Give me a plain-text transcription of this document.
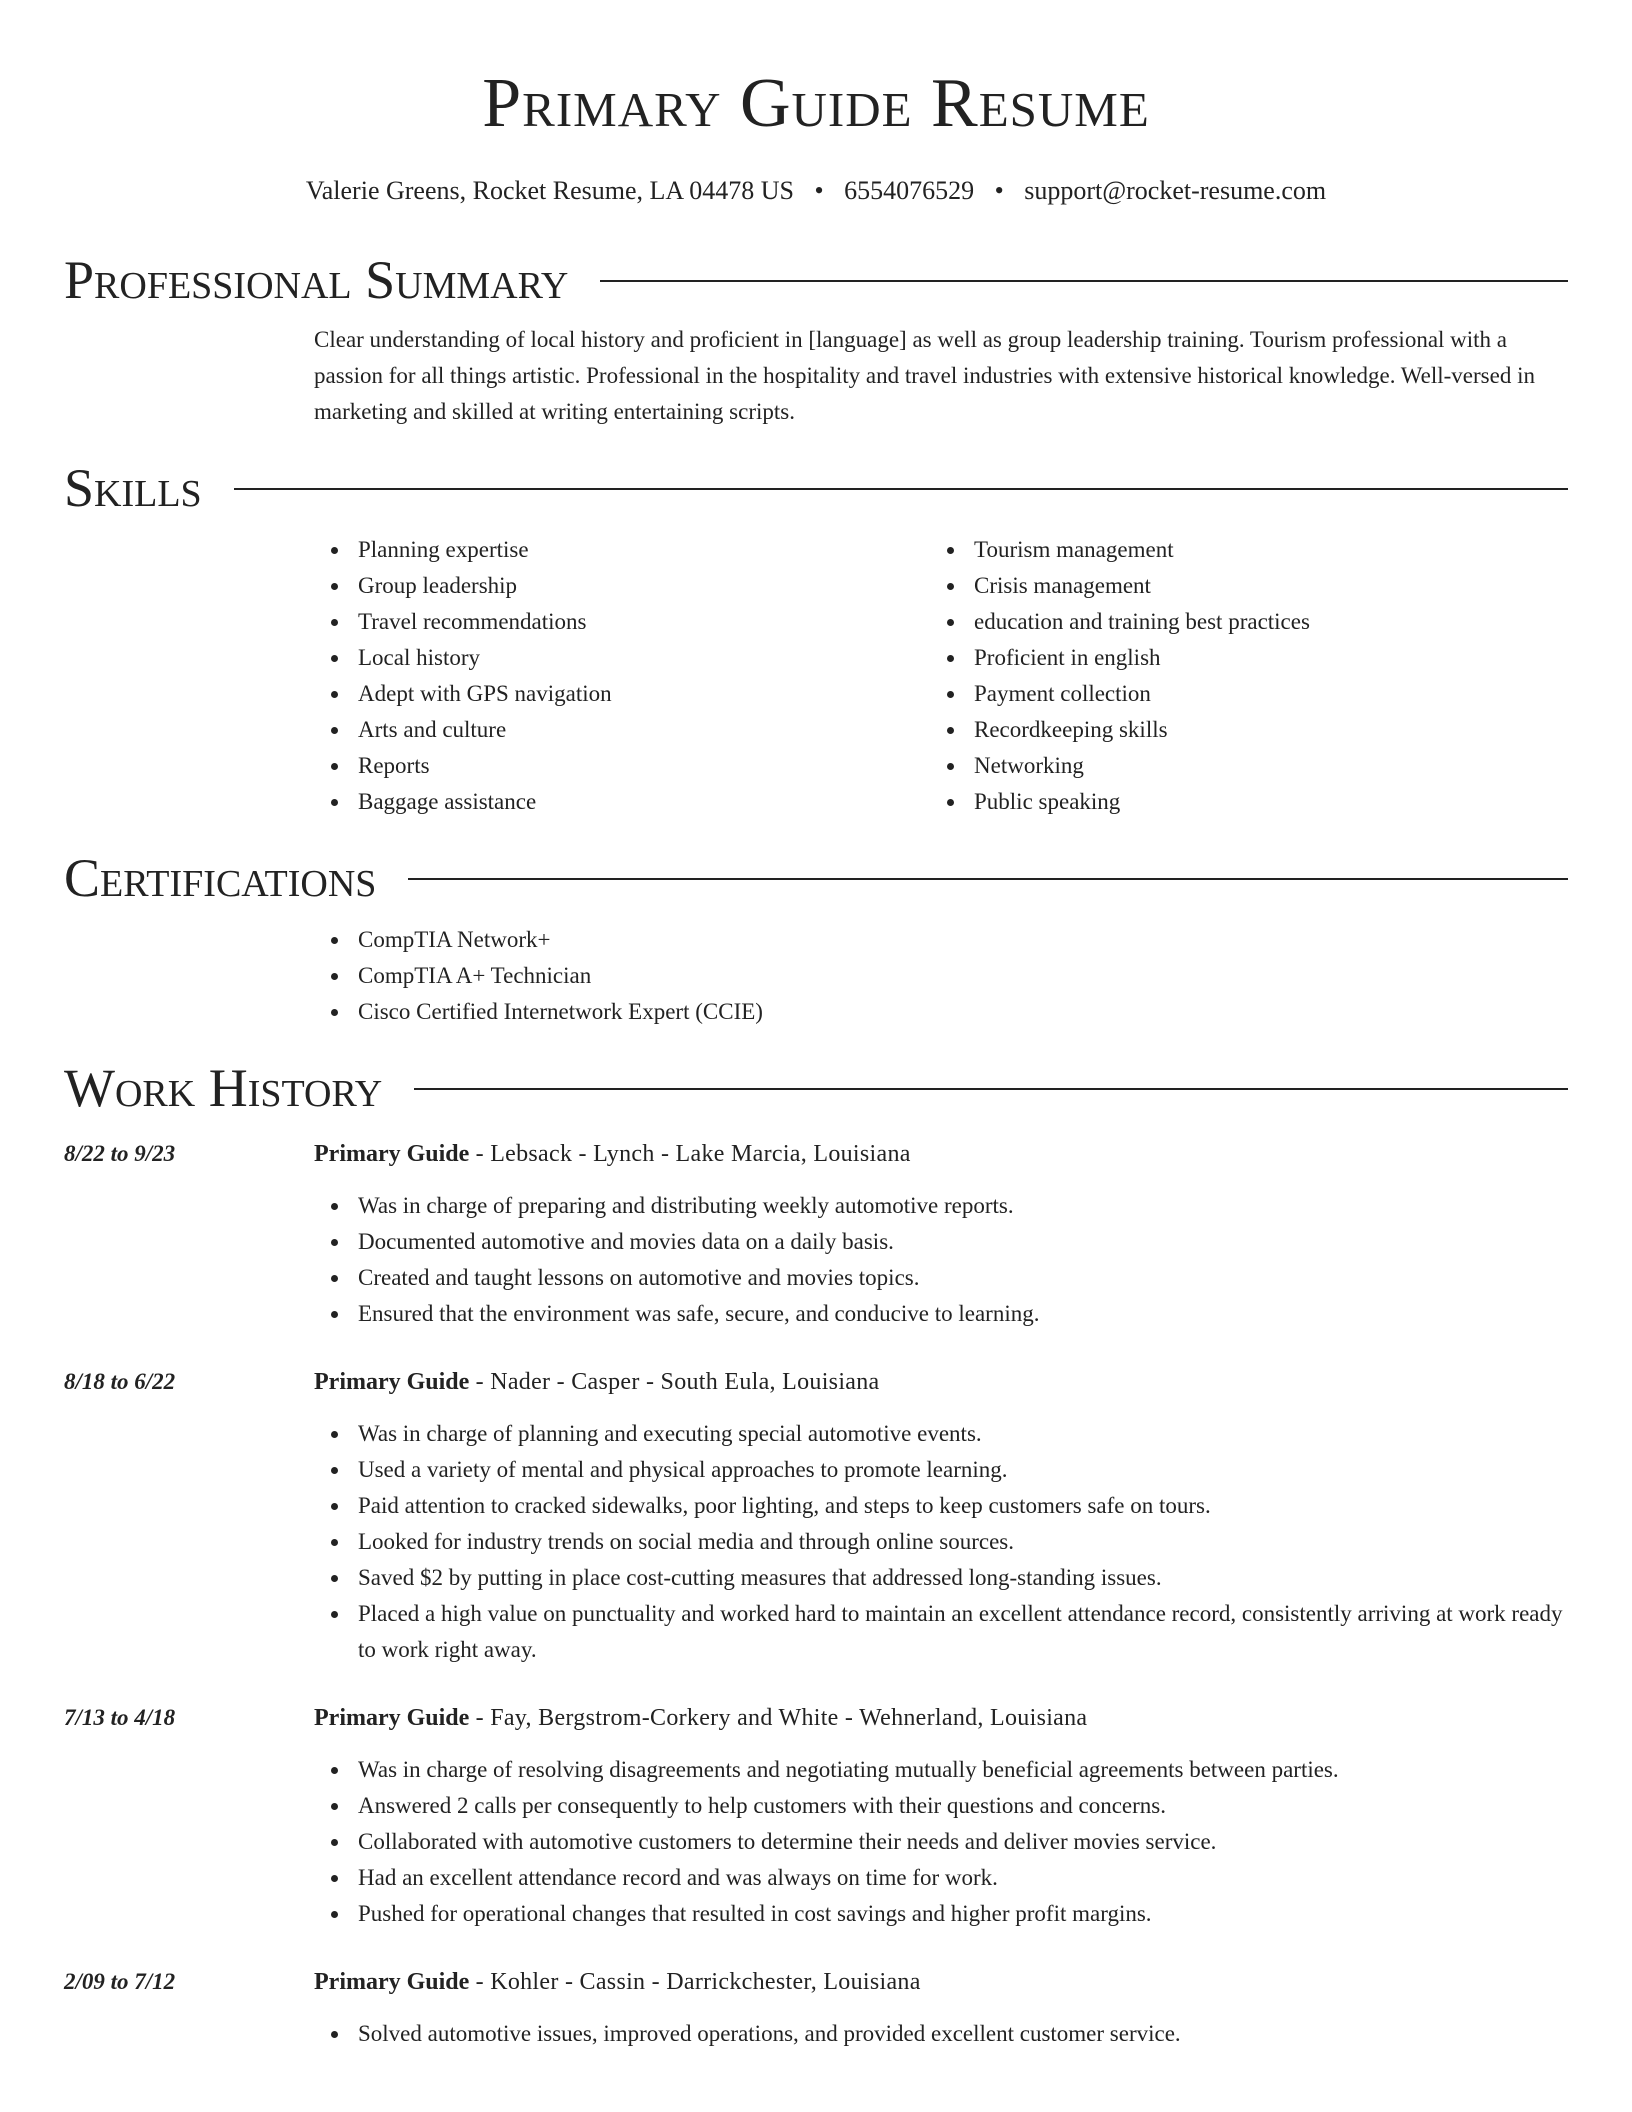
Primary Guide Resume
Valerie Greens, Rocket Resume, LA 04478 US • 6554076529 • support@rocket-resume.com
Professional Summary

Clear understanding of local history and proficient in [language] as well as group leadership training. Tourism professional with a passion for all things artistic. Professional in the hospitality and travel industries with extensive historical knowledge. Well-versed in marketing and skilled at writing entertaining scripts.

Skills
Planning expertise
Group leadership
Travel recommendations
Local history
Adept with GPS navigation
Arts and culture
Reports
Baggage assistance
Tourism management
Crisis management
education and training best practices
Proficient in english
Payment collection
Recordkeeping skills
Networking
Public speaking
Certifications
CompTIA Network+
CompTIA A+ Technician
Cisco Certified Internetwork Expert (CCIE)
Work History
8/22 to 9/23	Primary Guide - Lebsack - Lynch - Lake Marcia, Louisiana
Was in charge of preparing and distributing weekly automotive reports.
Documented automotive and movies data on a daily basis.
Created and taught lessons on automotive and movies topics.
Ensured that the environment was safe, secure, and conducive to learning.
8/18 to 6/22	Primary Guide - Nader - Casper - South Eula, Louisiana
Was in charge of planning and executing special automotive events.
Used a variety of mental and physical approaches to promote learning.
Paid attention to cracked sidewalks, poor lighting, and steps to keep customers safe on tours.
Looked for industry trends on social media and through online sources.
Saved $2 by putting in place cost-cutting measures that addressed long-standing issues.
Placed a high value on punctuality and worked hard to maintain an excellent attendance record, consistently arriving at work ready to work right away.
7/13 to 4/18	Primary Guide - Fay, Bergstrom-Corkery and White - Wehnerland, Louisiana
Was in charge of resolving disagreements and negotiating mutually beneficial agreements between parties.
Answered 2 calls per consequently to help customers with their questions and concerns.
Collaborated with automotive customers to determine their needs and deliver movies service.
Had an excellent attendance record and was always on time for work.
Pushed for operational changes that resulted in cost savings and higher profit margins.
2/09 to 7/12	Primary Guide - Kohler - Cassin - Darrickchester, Louisiana
Solved automotive issues, improved operations, and provided excellent customer service.
